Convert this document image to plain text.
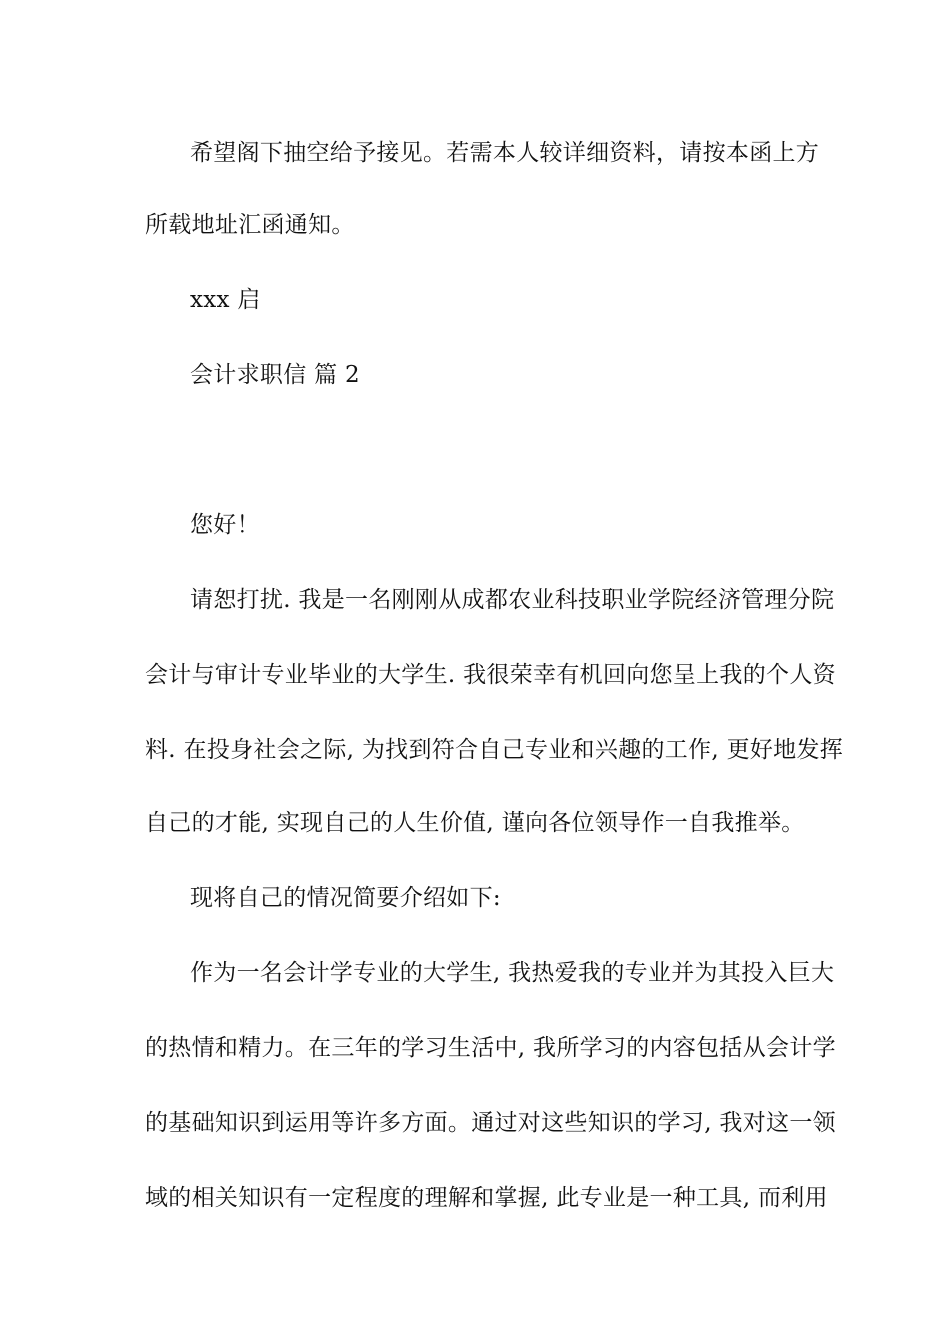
希望阁下抽空给予接见。若需本人较详细资料，请按本函上方
所载地址汇函通知。
xxx 启
会计求职信 篇 2
您好！
请恕打扰. 我是一名刚刚从成都农业科技职业学院经济管理分院
会计与审计专业毕业的大学生. 我很荣幸有机回向您呈上我的个人资
料. 在投身社会之际, 为找到符合自己专业和兴趣的工作, 更好地发挥
自己的才能, 实现自己的人生价值, 谨向各位领导作一自我推举。
现将自己的情况简要介绍如下:
作为一名会计学专业的大学生, 我热爱我的专业并为其投入巨大
的热情和精力。在三年的学习生活中, 我所学习的内容包括从会计学
的基础知识到运用等许多方面。通过对这些知识的学习, 我对这一领
域的相关知识有一定程度的理解和掌握, 此专业是一种工具, 而利用
